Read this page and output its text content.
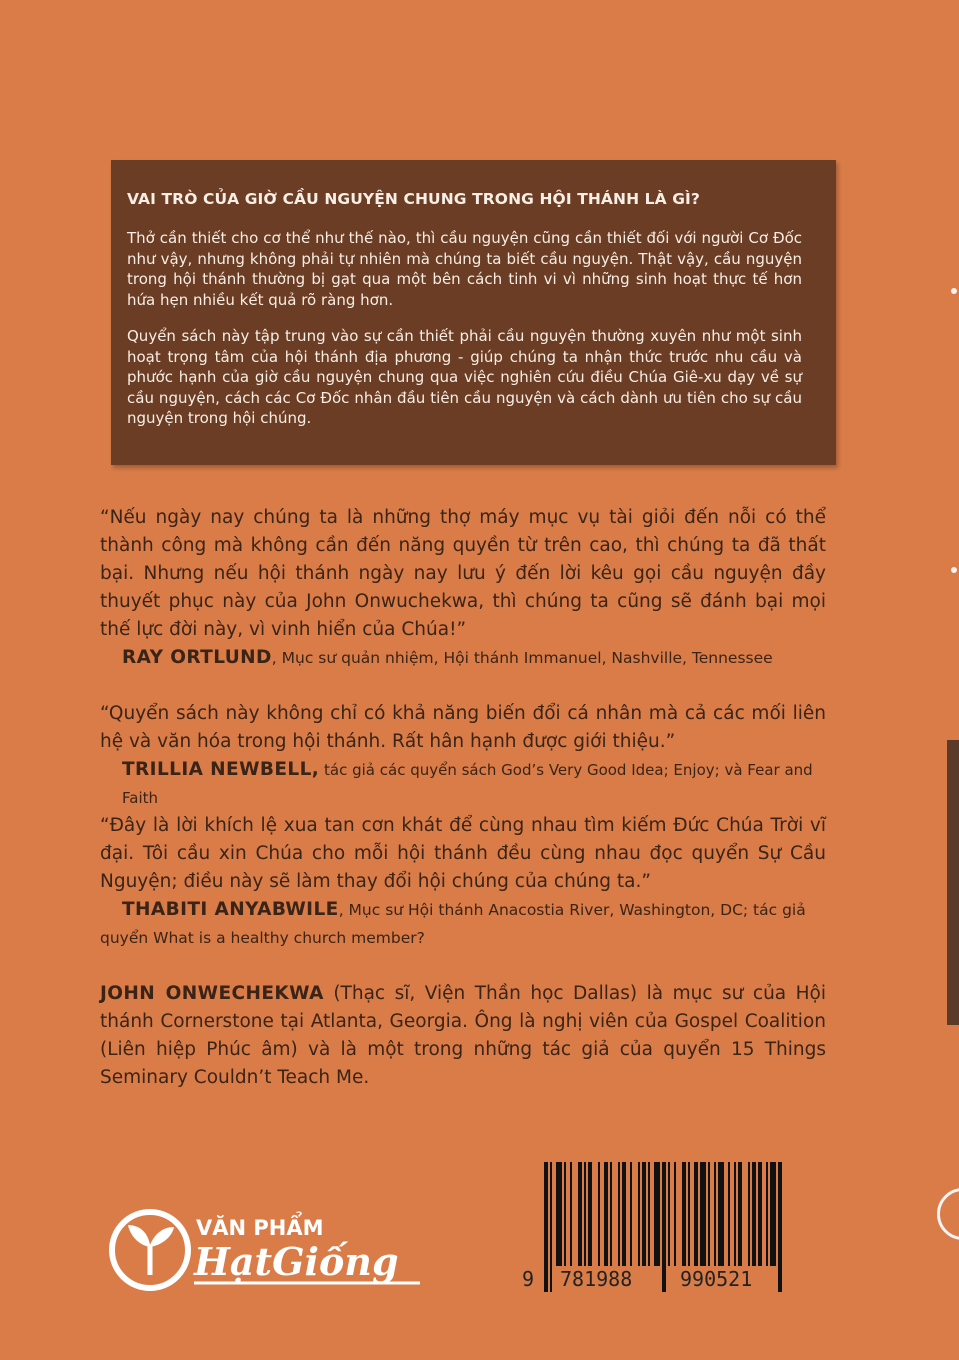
VAI TRÒ CỦA GIỜ CẦU NGUYỆN CHUNG TRONG HỘI THÁNH LÀ GÌ?

Thở cần thiết cho cơ thể như thế nào, thì cầu nguyện cũng cần thiết đối với người Cơ Đốc như vậy, nhưng không phải tự nhiên mà chúng ta biết cầu nguyện. Thật vậy, cầu nguyện trong hội thánh thường bị gạt qua một bên cách tinh vi vì những sinh hoạt thực tế hơn hứa hẹn nhiều kết quả rõ ràng hơn.

Quyển sách này tập trung vào sự cần thiết phải cầu nguyện thường xuyên như một sinh hoạt trọng tâm của hội thánh địa phương - giúp chúng ta nhận thức trước nhu cầu và phước hạnh của giờ cầu nguyện chung qua việc nghiên cứu điều Chúa Giê-xu dạy về sự cầu nguyện, cách các Cơ Đốc nhân đầu tiên cầu nguyện và cách dành ưu tiên cho sự cầu nguyện trong hội chúng.

“Nếu ngày nay chúng ta là những thợ máy mục vụ tài giỏi đến nỗi có thể thành công mà không cần đến năng quyền từ trên cao, thì chúng ta đã thất bại. Nhưng nếu hội thánh ngày nay lưu ý đến lời kêu gọi cầu nguyện đầy thuyết phục này của John Onwuchekwa, thì chúng ta cũng sẽ đánh bại mọi thế lực đời này, vì vinh hiển của Chúa!”

RAY ORTLUND, Mục sư quản nhiệm, Hội thánh Immanuel, Nashville, Tennessee

“Quyển sách này không chỉ có khả năng biến đổi cá nhân mà cả các mối liên hệ và văn hóa trong hội thánh. Rất hân hạnh được giới thiệu.”

TRILLIA NEWBELL, tác giả các quyển sách God’s Very Good Idea; Enjoy; và Fear and Faith

“Đây là lời khích lệ xua tan cơn khát để cùng nhau tìm kiếm Đức Chúa Trời vĩ đại. Tôi cầu xin Chúa cho mỗi hội thánh đều cùng nhau đọc quyển Sự Cầu Nguyện; điều này sẽ làm thay đổi hội chúng của chúng ta.”

THABITI ANYABWILE, Mục sư Hội thánh Anacostia River, Washington, DC; tác giả quyển What is a healthy church member?

JOHN ONWECHEKWA (Thạc sĩ, Viện Thần học Dallas) là mục sư của Hội thánh Cornerstone tại Atlanta, Georgia. Ông là nghị viên của Gospel Coalition (Liên hiệp Phúc âm) và là một trong những tác giả của quyển 15 Things Seminary Couldn’t Teach Me.

VĂN PHẨM
HạtGiống	9 781988 990521
